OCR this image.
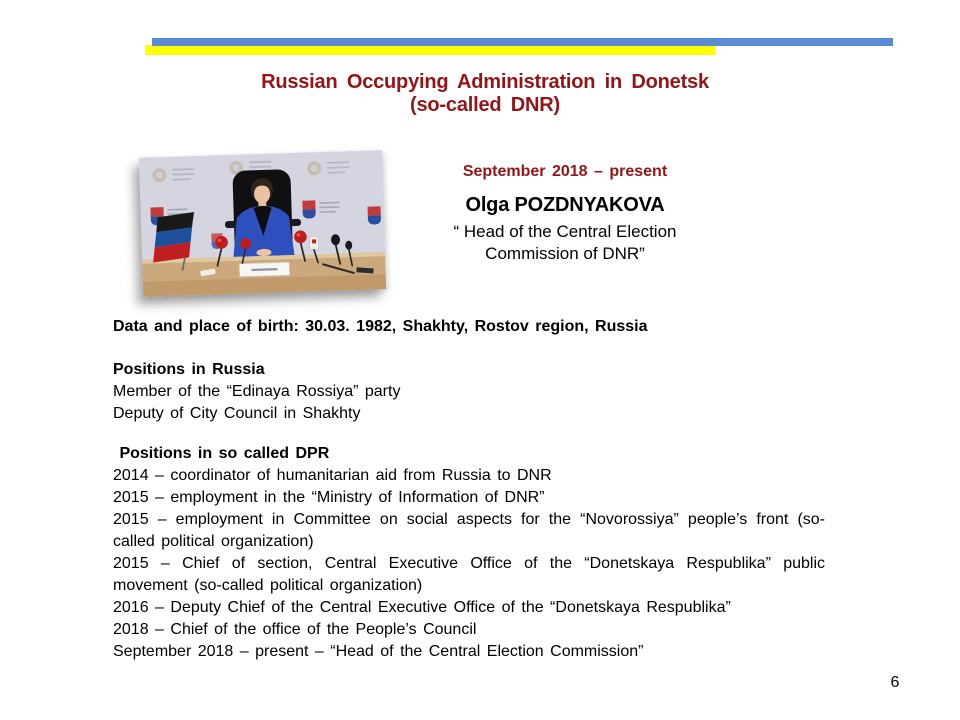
Russian Occupying Administration in Donetsk
(so-called DNR)
September 2018 – present
Olga POZDNYAKOVA
“ Head of the Central Election
Commission of DNR”
Data and place of birth: 30.03. 1982, Shakhty, Rostov region, Russia
Positions in Russia
Member of the “Edinaya Rossiya” party
Deputy of City Council in Shakhty
Positions in so called DPR
2014 – coordinator of humanitarian aid from Russia to DNR
2015 – employment in the “Ministry of Information of DNR”
2015 – employment in Committee on social aspects for the “Novorossiya” people’s front (so-called political organization)
2015 – Chief of section, Central Executive Office of the “Donetskaya Respublika” public movement (so-called political organization)
2016 – Deputy Chief of the Central Executive Office of the “Donetskaya Respublika”
2018 – Chief of the office of the People’s Council
September 2018 – present – “Head of the Central Election Commission”
6
